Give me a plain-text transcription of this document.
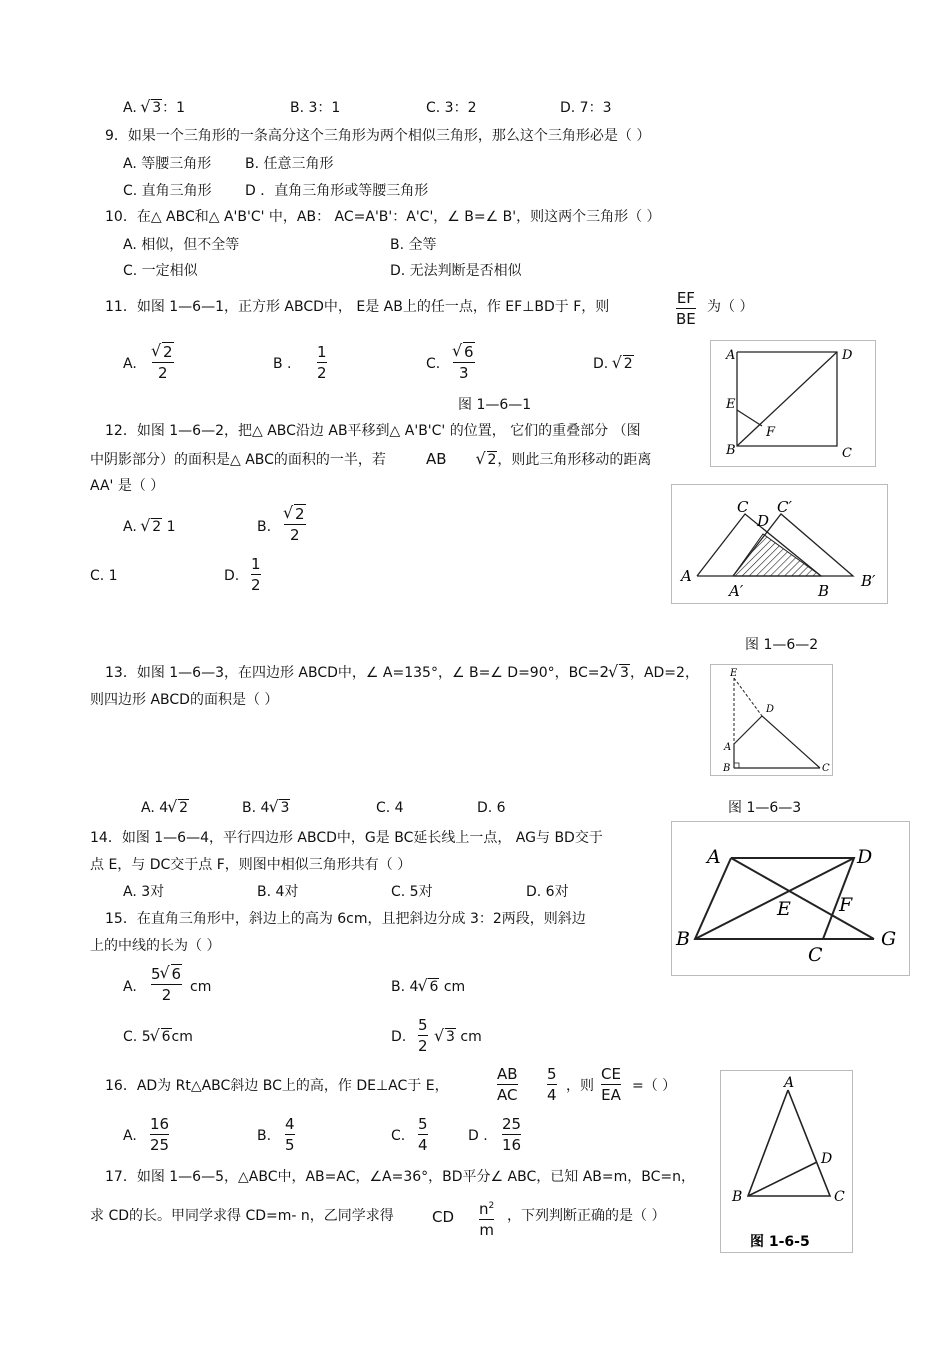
A. √ 3：1	B. 3：1	C. 3：2	D. 7：3
9．如果一个三角形的一条高分这个三角形为两个相似三角形，那么这个三角形必是（ ）
A. 等腰三角形 B. 任意三角形
C. 直角三角形 D ．直角三角形或等腰三角形
10．在△ ABC和△ A'B'C' 中，AB： AC=A'B'：A'C'，∠ B=∠ B'，则这两个三角形（ ）
A. 相似，但不全等	B. 全等
C. 一定相似	D. 无法判断是否相似
11．如图 1—6—1，正方形 ABCD中， E是 AB上的任一点，作 EF⊥BD于 F，则	EF
BE
为（ ）
A.
√ 2
2	B .
1
2	C.
√ 6
3	D. √ 2
图 1—6—1
A	D
E
F
B	C
12．如图 1—6—2，把△ ABC沿边 AB平移到△ A'B'C' 的位置， 它们的重叠部分 （图
中阴影部分）的面积是△ ABC的面积的一半，若	AB	√ 2，则此三角形移动的距离
AA' 是（ ）
A. √ 2 1	B.
√ 2
2
C. 1	D.
1
2
图 1—6—2
C
D
C′
A
A′	B
B′
13．如图 1—6—3，在四边形 ABCD中，∠ A=135°，∠ B=∠ D=90°，BC=2 √ 3，AD=2，
则四边形 ABCD的面积是（ ）
A. 4 √ 2	B. 4 √ 3	C. 4	D. 6	图 1—6—3
E
D
A
B	C
14．如图 1—6—4，平行四边形 ABCD中，G是 BC延长线上一点， AG与 BD交于
点 E，与 DC交于点 F，则图中相似三角形共有（ ）
A. 3对	B. 4对	C. 5对	D. 6对
A	D
E	F
B
C
G
15．在直角三角形中，斜边上的高为 6cm，且把斜边分成 3：2两段，则斜边
上的中线的长为（ ）
A.
5 √ 6
2 cm	B. 4 √ 6 cm
C. 5 √ 6cm	D.
5
2	√ 3 cm
16．AD为 Rt△ABC斜边 BC上的高，作 DE⊥AC于 E，
AB
AC
5
4 ，则
CE
EA =（ ）
A.
16
25	B.
4
5	C.
5
4	D .
25
16
A
D
B	C
图 1-6-5
17．如图 1—6—5，△ABC中，AB=AC，∠A=36°，BD平分∠ ABC，已知 AB=m，BC=n，
求 CD的长。甲同学求得 CD=m- n，乙同学求得	CD $n^2$
m
，下列判断正确的是（ ）
